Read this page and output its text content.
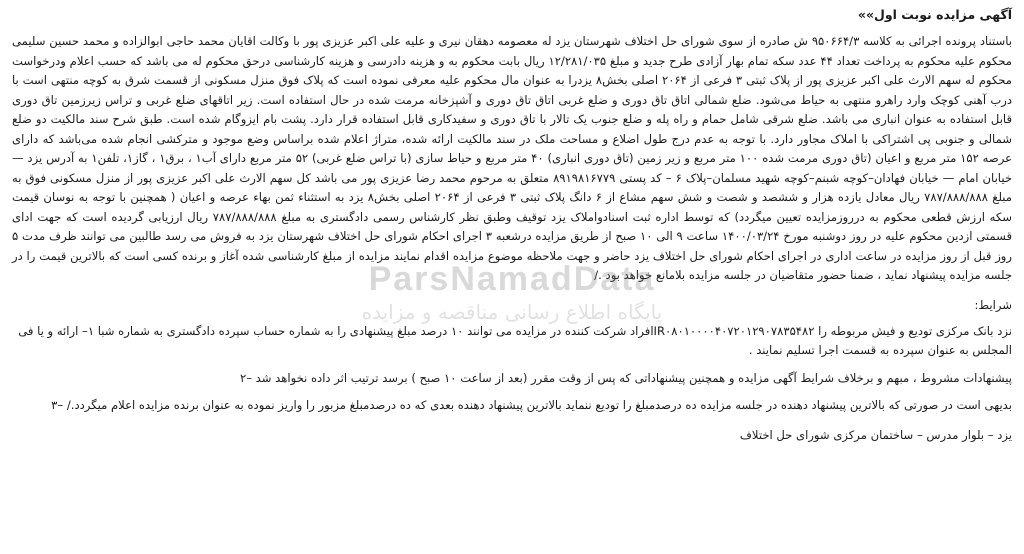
آگهی مزایده نوبت اول»»

باستناد پرونده اجرائی به کلاسه ۹۵۰۶۶۴/۳ ش صادره از سوی شورای حل اختلاف شهرستان یزد له معصومه دهقان نیری و علیه علی اکبر عزیزی پور با وکالت اقایان محمد حاجی ابوالزاده و محمد حسین سلیمی محکوم علیه محکوم به پرداخت تعداد ۴۴ عدد سکه تمام بهار آزادی طرح جدید و مبلغ ۱۲/۲۸۱/۰۳۵ ریال بابت محکوم به و هزینه دادرسی و هزینه کارشناسی درحق محکوم له می باشد که حسب اعلام ودرخواست محکوم له سهم الارث علی اکبر عزیزی پور از پلاک ثبتی ۳ فرعی از ۲۰۶۴ اصلی بخش۸ یزدرا به عنوان مال محکوم علیه معرفی نموده است که پلاک فوق منزل مسکونی از قسمت شرق به کوچه منتهی است با درب آهنی کوچک وارد راهرو منتهی به حیاط می‌شود. ضلع شمالی اتاق تاق دوری و ضلع غربی اتاق تاق دوری و آشپزخانه مرمت شده در حال استفاده است. زیر اتاقهای ضلع غربی و تراس زیرزمین تاق دوری قابل استفاده به عنوان انباری می باشد. ضلع شرقی شامل حمام و راه پله و ضلع جنوب یک تالار با تاق دوری و سفیدکاری قابل استفاده قرار دارد. پشت بام ایزوگام شده است. طبق شرح سند مالکیت دو ضلع شمالی و جنوبی پی اشتراکی با املاک مجاور دارد. با توجه به عدم درج طول اضلاع و مساحت ملک در سند مالکیت ارائه شده، متراژ اعلام شده براساس وضع موجود و مترکشی انجام شده می‌باشد که دارای عرصه ۱۵۲ متر مربع و اعیان (تاق دوری مرمت شده ۱۰۰ متر مربع و زیر زمین (تاق دوری انباری) ۴۰ متر مربع و حیاط سازی (با تراس ضلع غربی) ۵۲ متر مربع دارای آب۱ ، برق۱ ، گاز۱، تلفن۱ به آدرس یزد —خیابان امام — خیابان فهادان–کوچه شبنم–کوچه شهید مسلمان–پلاک ۶ – کد پستی ۸۹۱۹۸۱۶۷۷۹ متعلق به مرحوم محمد رضا عزیزی پور می باشد کل سهم الارث علی اکبر عزیزی پور از منزل مسکونی فوق به مبلغ ۷۸۷/۸۸۸/۸۸۸ ریال معادل یازده هزار و ششصد و شصت و شش سهم مشاع از ۶ دانگ پلاک ثبتی ۳ فرعی از ۲۰۶۴ اصلی بخش۸ یزد به استثناء ثمن بهاء عرصه و اعیان ( همچنین با توجه به نوسان قیمت سکه ارزش قطعی محکوم به درروزمزایده تعیین میگردد) که توسط اداره ثبت اسنادواملاک یزد توقیف وطبق نظر کارشناس رسمی دادگستری به مبلغ ۷۸۷/۸۸۸/۸۸۸ ریال ارزیابی گردیده است که جهت ادای قسمتی ازدین محکوم علیه در روز دوشنبه مورخ ۱۴۰۰/۰۳/۲۴ ساعت ۹ الی ۱۰ صبح از طریق مزایده درشعبه ۳ اجرای احکام شورای حل اختلاف شهرستان یزد به فروش می رسد طالبین می توانند ظرف مدت ۵ روز قبل از روز مزایده در ساعت اداری در اجرای احکام شورای حل اختلاف یزد حاضر و جهت ملاحظه موضوع مزایده اقدام نمایند مزایده از مبلغ کارشناسی شده آغاز و برنده کسی است که بالاترین قیمت را در جلسه مزایده پیشنهاد نماید ، ضمنا حضور متقاضیان در جلسه مزایده بلامانع خواهد بود ./

شرایط:
نزد بانک مرکزی توديع و فیش مربوطه را IR۰۸۰۱۰۰۰۰۴۰۷۲۰۱۲۹۰۷۸۳۵۴۸۲افراد شرکت کننده در مزایده می توانند ۱۰ درصد مبلغ پیشنهادی را به شماره حساب سپرده دادگستری به شماره شبا ۱– ارائه و یا فی المجلس به عنوان سپرده به قسمت اجرا تسلیم نمایند .
پیشنهادات مشروط ، مبهم و برخلاف شرایط آگهی مزایده و همچنین پیشنهاداتی که پس از وقت مقرر (بعد از ساعت ۱۰ صبح ) برسد ترتیب اثر داده نخواهد شد –۲
بدیهی است در صورتی که بالاترین پیشنهاد دهنده در جلسه مزایده ده درصدمبلغ را تودیع ننماید بالاترین پیشنهاد دهنده بعدی که ده درصدمبلغ مزبور را واریز نموده به عنوان برنده مزایده اعلام میگردد./ –۳
یزد – بلوار مدرس – ساختمان مرکزی شورای حل اختلاف
ParsNamadData
پایگاه اطلاع رسانی مناقصه و مزایده
